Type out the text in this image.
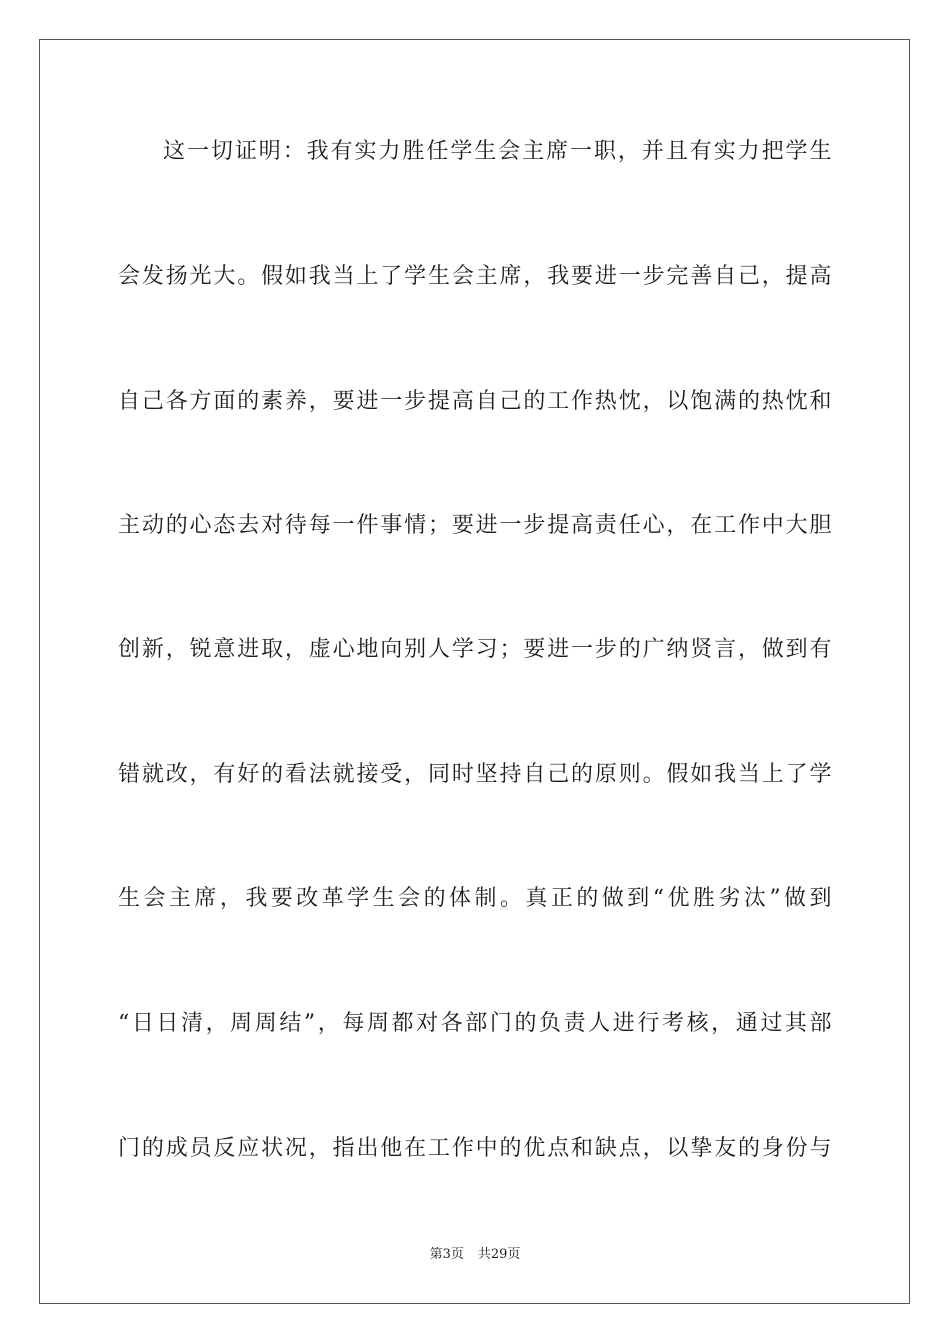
这一切证明：我有实力胜任学生会主席一职，并且有实力把学生
会发扬光大。假如我当上了学生会主席，我要进一步完善自己，提高
自己各方面的素养，要进一步提高自己的工作热忱，以饱满的热忱和
主动的心态去对待每一件事情；要进一步提高责任心，在工作中大胆
创新，锐意进取，虚心地向别人学习；要进一步的广纳贤言，做到有
错就改，有好的看法就接受，同时坚持自己的原则。假如我当上了学
生会主席，我要改革学生会的体制。真正的做到“优胜劣汰”做到
“日日清，周周结”，每周都对各部门的负责人进行考核，通过其部
门的成员反应状况，指出他在工作中的优点和缺点，以挚友的身份与
第3页 共29页
